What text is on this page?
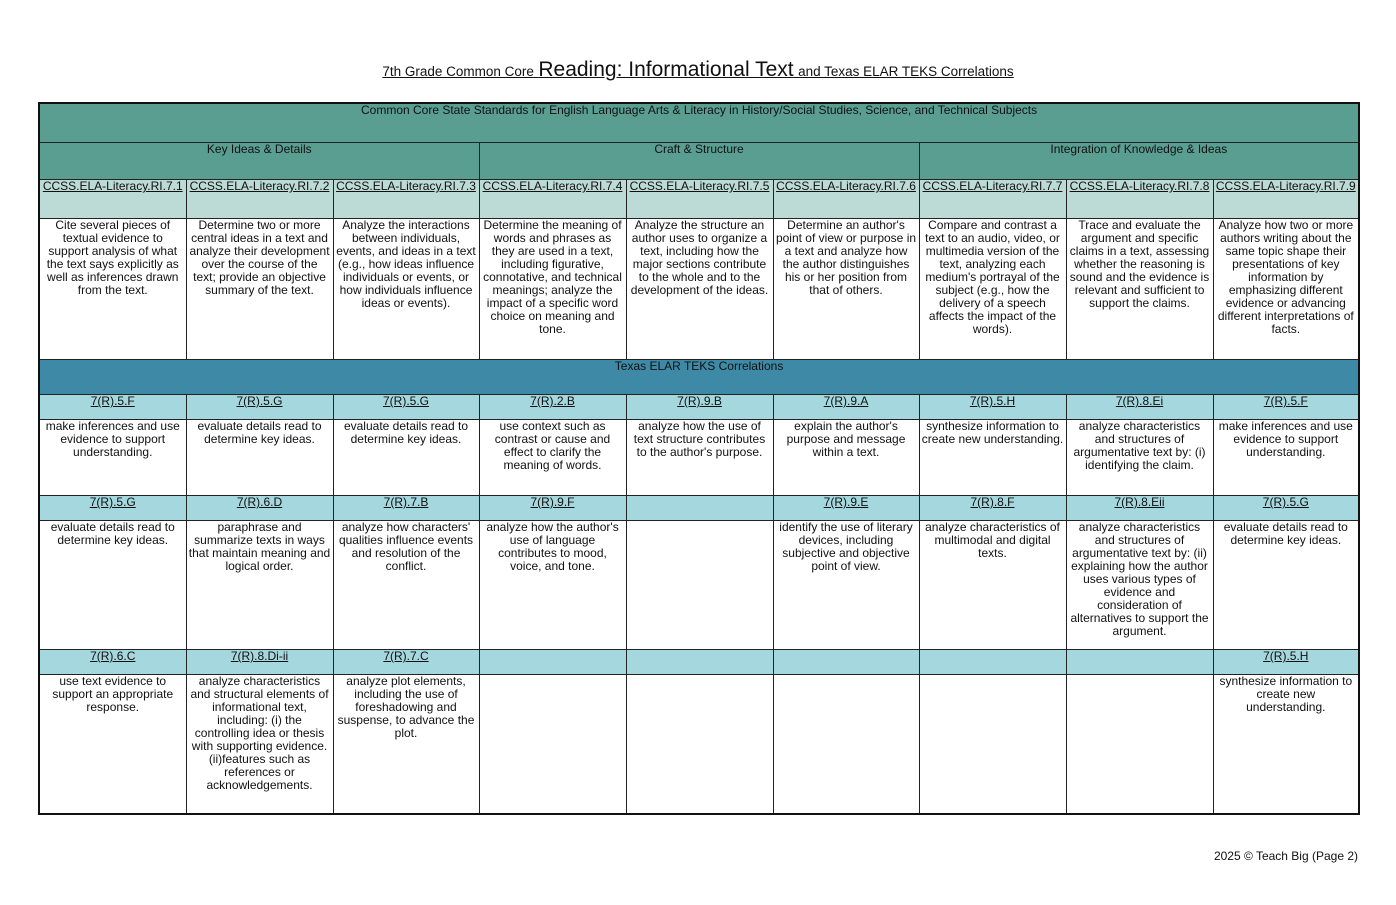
7th Grade Common Core Reading: Informational Text and Texas ELAR TEKS Correlations
Common Core State Standards for English Language Arts & Literacy in History/Social Studies, Science, and Technical Subjects								
Key Ideas & Details			Craft & Structure			Integration of Knowledge & Ideas		
CCSS.ELA-Literacy.RI.7.1	CCSS.ELA-Literacy.RI.7.2	CCSS.ELA-Literacy.RI.7.3	CCSS.ELA-Literacy.RI.7.4	CCSS.ELA-Literacy.RI.7.5	CCSS.ELA-Literacy.RI.7.6	CCSS.ELA-Literacy.RI.7.7	CCSS.ELA-Literacy.RI.7.8	CCSS.ELA-Literacy.RI.7.9
Cite several pieces of textual evidence to support analysis of what the text says explicitly as well as inferences drawn from the text.	Determine two or more central ideas in a text and analyze their development over the course of the text; provide an objective summary of the text.	Analyze the interactions between individuals, events, and ideas in a text (e.g., how ideas influence individuals or events, or how individuals influence ideas or events).	Determine the meaning of words and phrases as they are used in a text, including figurative, connotative, and technical meanings; analyze the impact of a specific word choice on meaning and tone.	Analyze the structure an author uses to organize a text, including how the major sections contribute to the whole and to the development of the ideas.	Determine an author's point of view or purpose in a text and analyze how the author distinguishes his or her position from that of others.	Compare and contrast a text to an audio, video, or multimedia version of the text, analyzing each medium's portrayal of the subject (e.g., how the delivery of a speech affects the impact of the words).	Trace and evaluate the argument and specific claims in a text, assessing whether the reasoning is sound and the evidence is relevant and sufficient to support the claims.	Analyze how two or more authors writing about the same topic shape their presentations of key information by emphasizing different evidence or advancing different interpretations of facts.
Texas ELAR TEKS Correlations								
7(R).5.F	7(R).5.G	7(R).5.G	7(R).2.B	7(R).9.B	7(R).9.A	7(R).5.H	7(R).8.Ei	7(R).5.F
make inferences and use evidence to support understanding.	evaluate details read to determine key ideas.	evaluate details read to determine key ideas.	use context such as contrast or cause and effect to clarify the meaning of words.	analyze how the use of text structure contributes to the author's purpose.	explain the author's purpose and message within a text.	synthesize information to create new understanding.	analyze characteristics and structures of argumentative text by: (i) identifying the claim.	make inferences and use evidence to support understanding.
7(R).5.G	7(R).6.D	7(R).7.B	7(R).9.F		7(R).9.E	7(R).8.F	7(R).8.Eii	7(R).5.G
evaluate details read to determine key ideas.	paraphrase and summarize texts in ways that maintain meaning and logical order.	analyze how characters' qualities influence events and resolution of the conflict.	analyze how the author's use of language contributes to mood, voice, and tone.		identify the use of literary devices, including subjective and objective point of view.	analyze characteristics of multimodal and digital texts.	analyze characteristics and structures of argumentative text by: (ii) explaining how the author uses various types of evidence and consideration of alternatives to support the argument.	evaluate details read to determine key ideas.
7(R).6.C	7(R).8.Di-ii	7(R).7.C						7(R).5.H
use text evidence to support an appropriate response.	analyze characteristics and structural elements of informational text, including: (i) the controlling idea or thesis with supporting evidence. (ii)features such as references or acknowledgements.	analyze plot elements, including the use of foreshadowing and suspense, to advance the plot.						synthesize information to create new understanding.
2025 © Teach Big (Page 2)
